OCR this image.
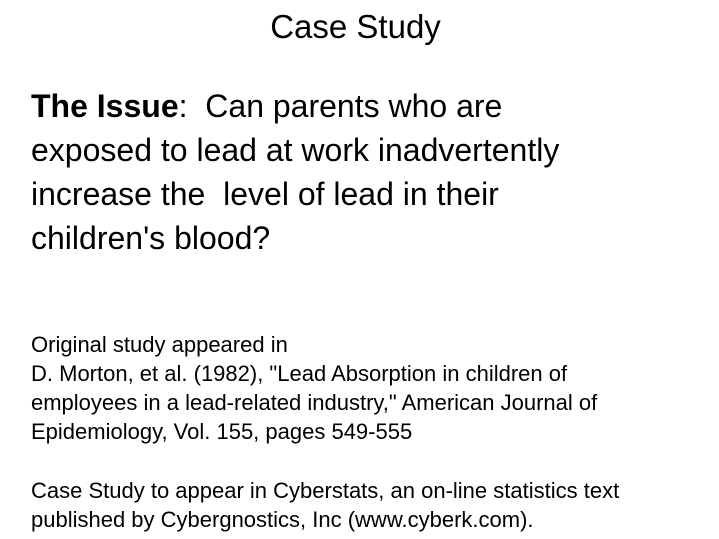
Case Study
The Issue:  Can parents who are
exposed to lead at work inadvertently
increase the  level of lead in their
children's blood?
Original study appeared in
D. Morton, et al. (1982), "Lead Absorption in children of
employees in a lead-related industry," American Journal of
Epidemiology, Vol. 155, pages 549-555
Case Study to appear in Cyberstats, an on-line statistics text
published by Cybergnostics, Inc (www.cyberk.com).
